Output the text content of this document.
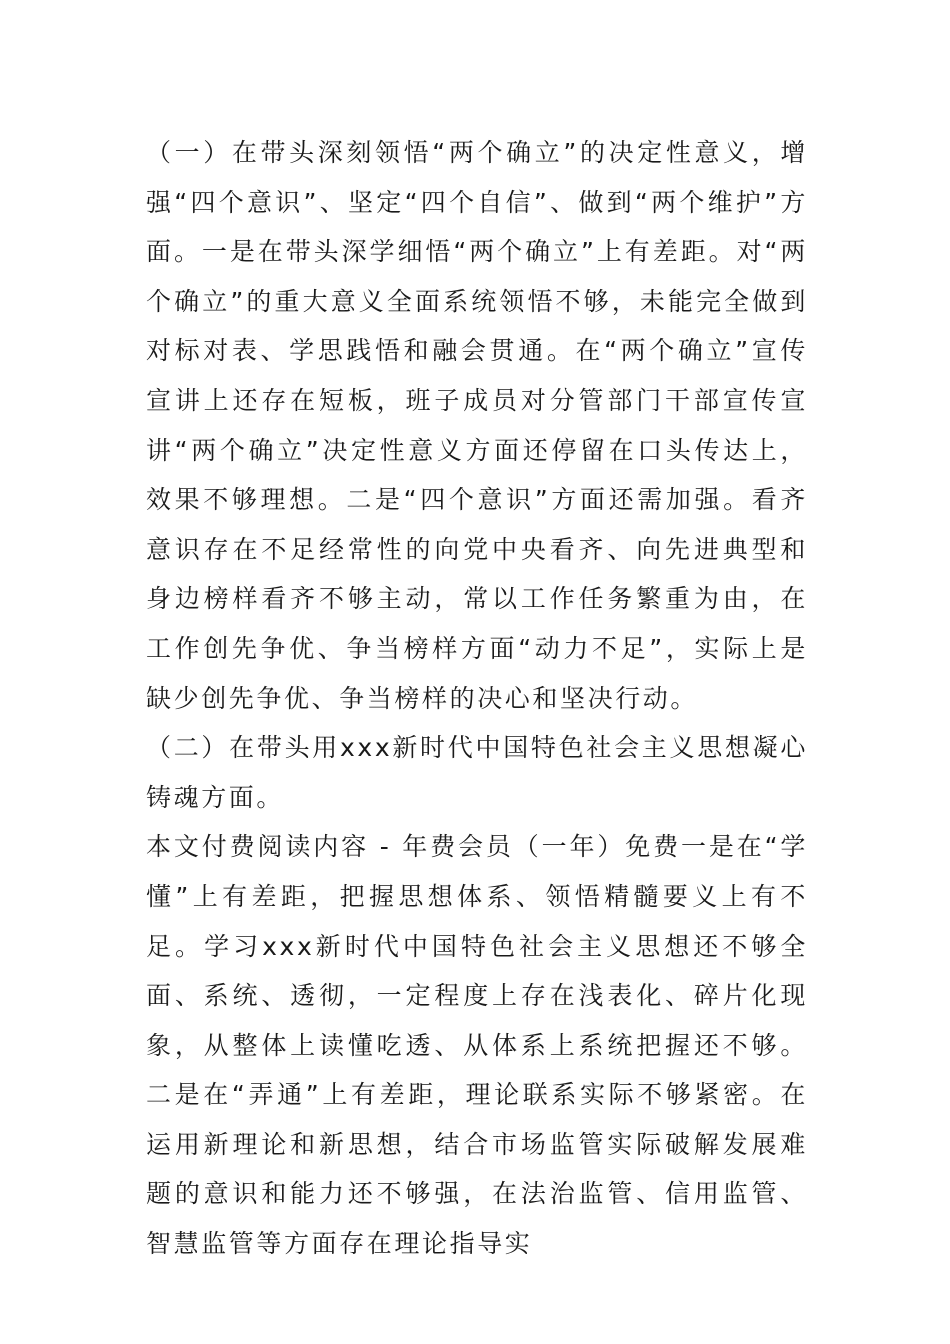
（一）在带头深刻领悟“两个确立”的决定性意义，增强“四个意识”、坚定“四个自信”、做到“两个维护”方面。一是在带头深学细悟“两个确立”上有差距。对“两个确立”的重大意义全面系统领悟不够，未能完全做到对标对表、学思践悟和融会贯通。在“两个确立”宣传宣讲上还存在短板，班子成员对分管部门干部宣传宣讲“两个确立”决定性意义方面还停留在口头传达上，效果不够理想。二是“四个意识”方面还需加强。看齐意识存在不足经常性的向党中央看齐、向先进典型和身边榜样看齐不够主动，常以工作任务繁重为由，在工作创先争优、争当榜样方面“动力不足”，实际上是缺少创先争优、争当榜样的决心和坚决行动。

（二）在带头用xxx新时代中国特色社会主义思想凝心铸魂方面。

本文付费阅读内容 - 年费会员（一年）免费一是在“学懂”上有差距，把握思想体系、领悟精髓要义上有不足。学习xxx新时代中国特色社会主义思想还不够全面、系统、透彻，一定程度上存在浅表化、碎片化现象，从整体上读懂吃透、从体系上系统把握还不够。二是在“弄通”上有差距，理论联系实际不够紧密。在运用新理论和新思想，结合市场监管实际破解发展难题的意识和能力还不够强，在法治监管、信用监管、智慧监管等方面存在理论指导实
